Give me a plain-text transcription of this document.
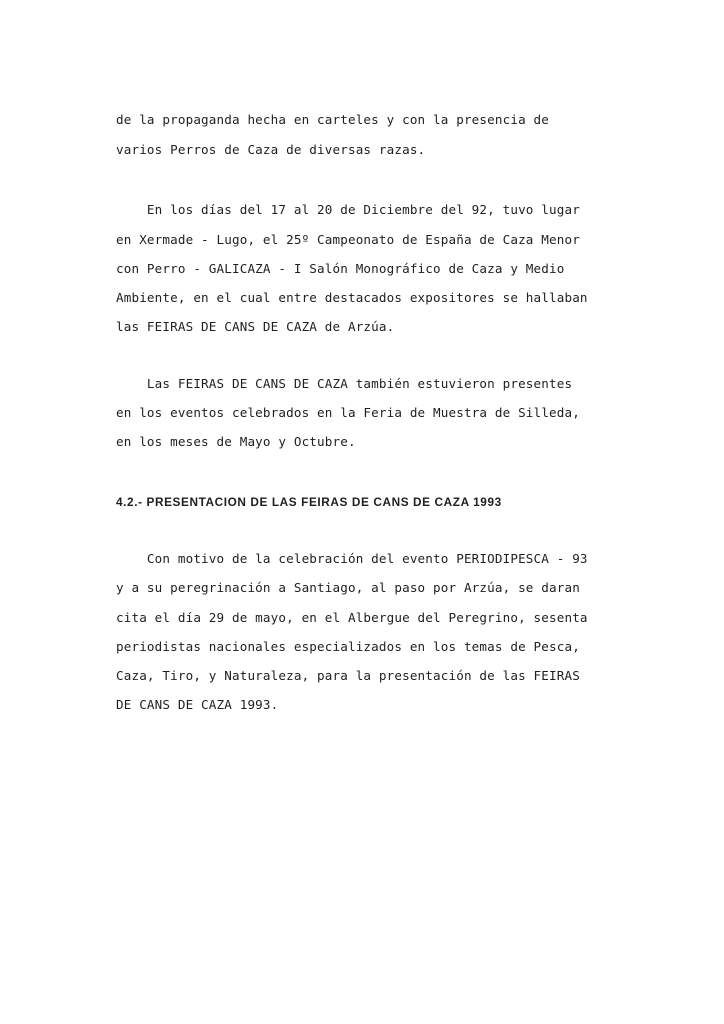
de la propaganda hecha en carteles y con la presencia de
varios Perros de Caza de diversas razas.
En los días del 17 al 20 de Diciembre del 92, tuvo lugar
en Xermade - Lugo, el 25º Campeonato de España de Caza Menor
con Perro - GALICAZA - I Salón Monográfico de Caza y Medio
Ambiente, en el cual entre destacados expositores se hallaban
las FEIRAS DE CANS DE CAZA de Arzúa.
Las FEIRAS DE CANS DE CAZA también estuvieron presentes
en los eventos celebrados en la Feria de Muestra de Silleda,
en los meses de Mayo y Octubre.
4.2.- PRESENTACION DE LAS FEIRAS DE CANS DE CAZA 1993
Con motivo de la celebración del evento PERIODIPESCA - 93
y a su peregrinación a Santiago, al paso por Arzúa, se daran
cita el día 29 de mayo, en el Albergue del Peregrino, sesenta
periodistas nacionales especializados en los temas de Pesca,
Caza, Tiro, y Naturaleza, para la presentación de las FEIRAS
DE CANS DE CAZA 1993.
